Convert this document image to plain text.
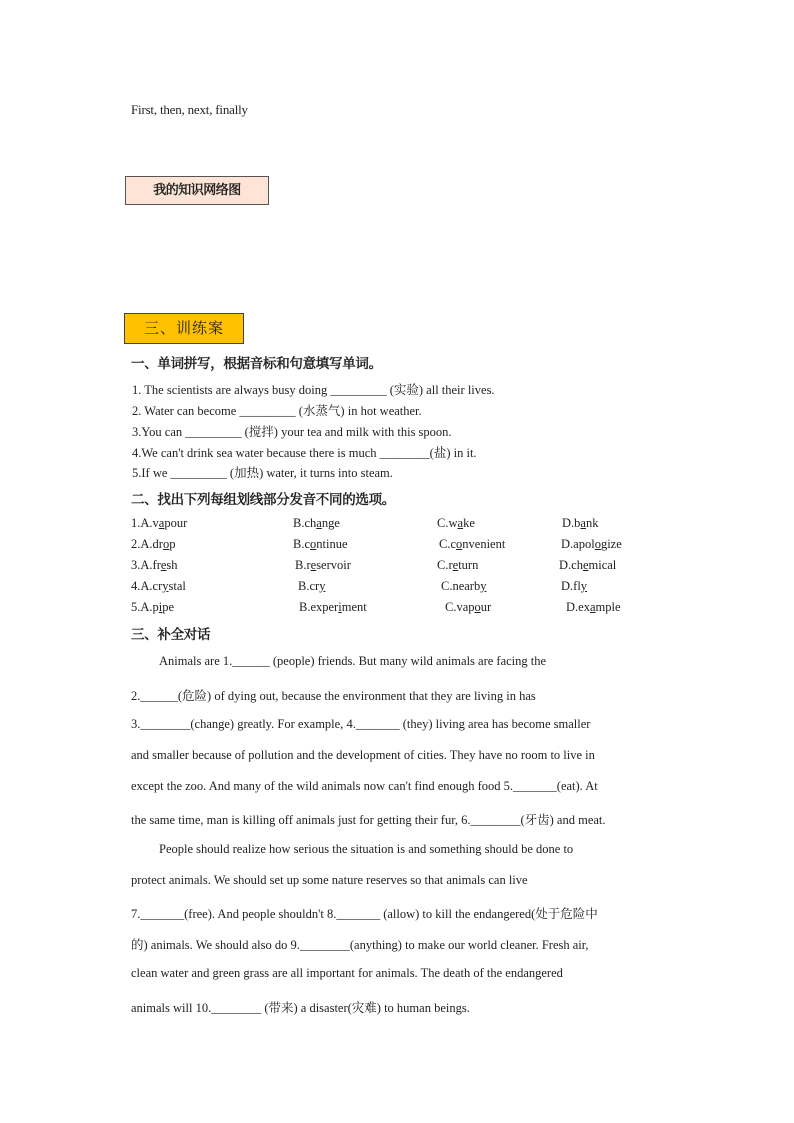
First, then, next, finally
我的知识网络图
三、训练案
一、单词拼写，根据音标和句意填写单词。
1. The scientists are always busy doing _________ (实验) all their lives.
2. Water can become _________ (水蒸气) in hot weather.
3.You can _________ (搅拌) your tea and milk with this spoon.
4.We can't drink sea water because there is much ________(盐) in it.
5.If we _________ (加热) water, it turns into steam.
二、找出下列每组划线部分发音不同的选项。
1.A.vapour	B.change	C.wake	D.bank
2.A.drop	B.continue	C.convenient	D.apologize
3.A.fresh	B.reservoir	C.return	D.chemical
4.A.crystal	B.cry	C.nearby	D.fly
5.A.pipe	B.experiment	C.vapour	D.example
三、补全对话
Animals are 1.______ (people) friends. But many wild animals are facing the
2.______(危险) of dying out, because the environment that they are living in has
3.________(change) greatly. For example, 4._______ (they) living area has become smaller
and smaller because of pollution and the development of cities. They have no room to live in
except the zoo. And many of the wild animals now can't find enough food 5._______(eat). At
the same time, man is killing off animals just for getting their fur, 6.________(牙齿) and meat.
People should realize how serious the situation is and something should be done to
protect animals. We should set up some nature reserves so that animals can live
7._______(free). And people shouldn't 8._______ (allow) to kill the endangered(处于危险中
的) animals. We should also do 9.________(anything) to make our world cleaner. Fresh air,
clean water and green grass are all important for animals. The death of the endangered
animals will 10.________ (带来) a disaster(灾难) to human beings.
